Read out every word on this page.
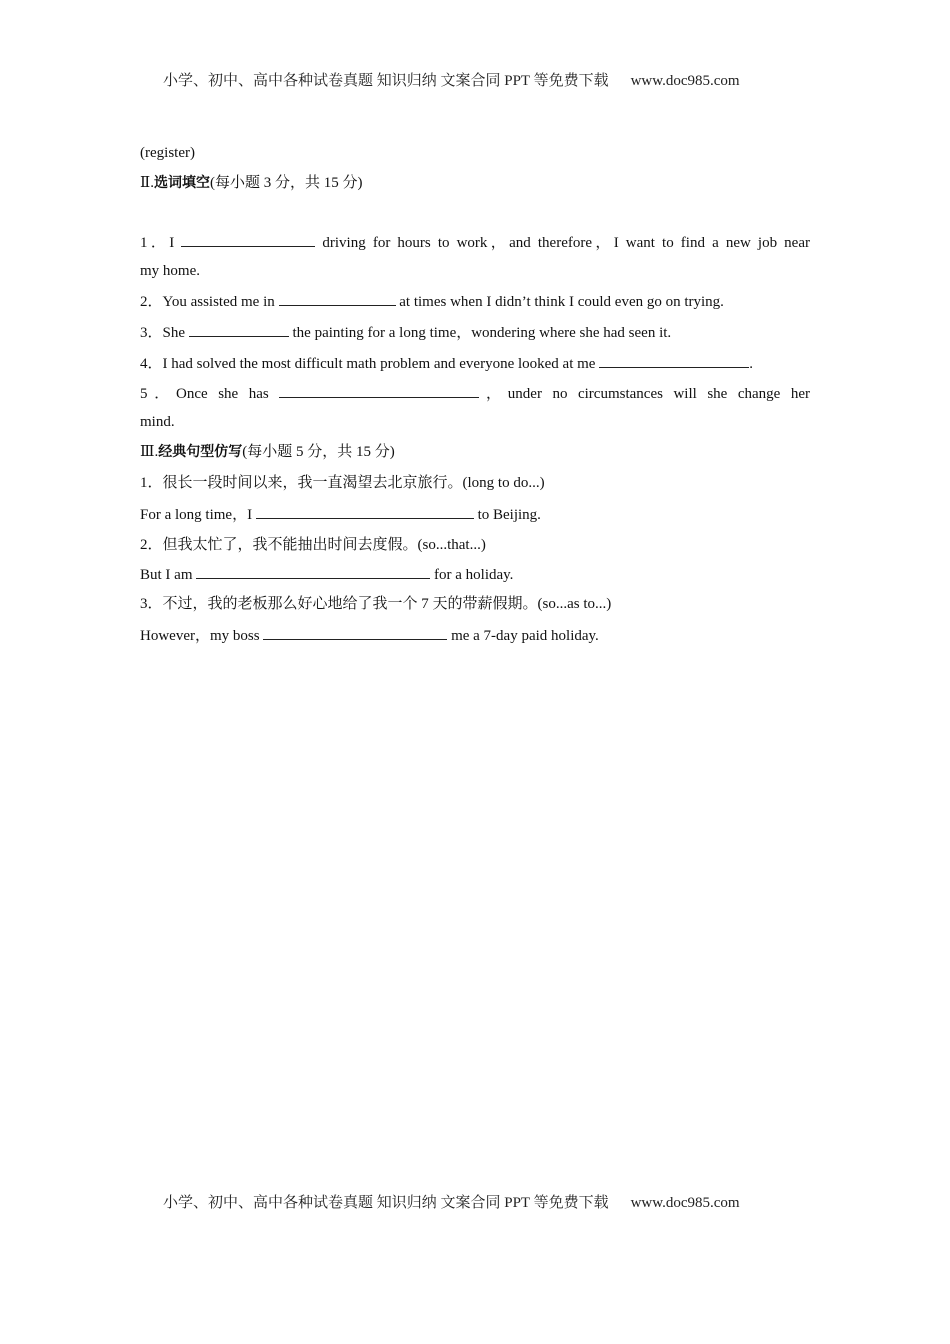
小学、初中、高中各种试卷真题 知识归纳 文案合同 PPT 等免费下载 www.doc985.com
(register)
Ⅱ.选词填空(每小题 3 分，共 15 分)
1．I	driving for hours to work，and therefore，I want to find a new job near
my home.
2．You assisted me in	at times when I didn’t think I could even go on trying.
3．She	the painting for a long time，wondering where she had seen it.
4．I had solved the most difficult math problem and everyone looked at me	.
5．Once she has	，under no circumstances will she change her
mind.
Ⅲ.经典句型仿写(每小题 5 分，共 15 分)
1．很长一段时间以来，我一直渴望去北京旅行。(long to do...)
For a long time，I	to Beijing.
2．但我太忙了，我不能抽出时间去度假。(so...that...)
But I am	for a holiday.
3．不过，我的老板那么好心地给了我一个 7 天的带薪假期。(so...as to...)
However，my boss	me a 7-day paid holiday.
小学、初中、高中各种试卷真题 知识归纳 文案合同 PPT 等免费下载 www.doc985.com
